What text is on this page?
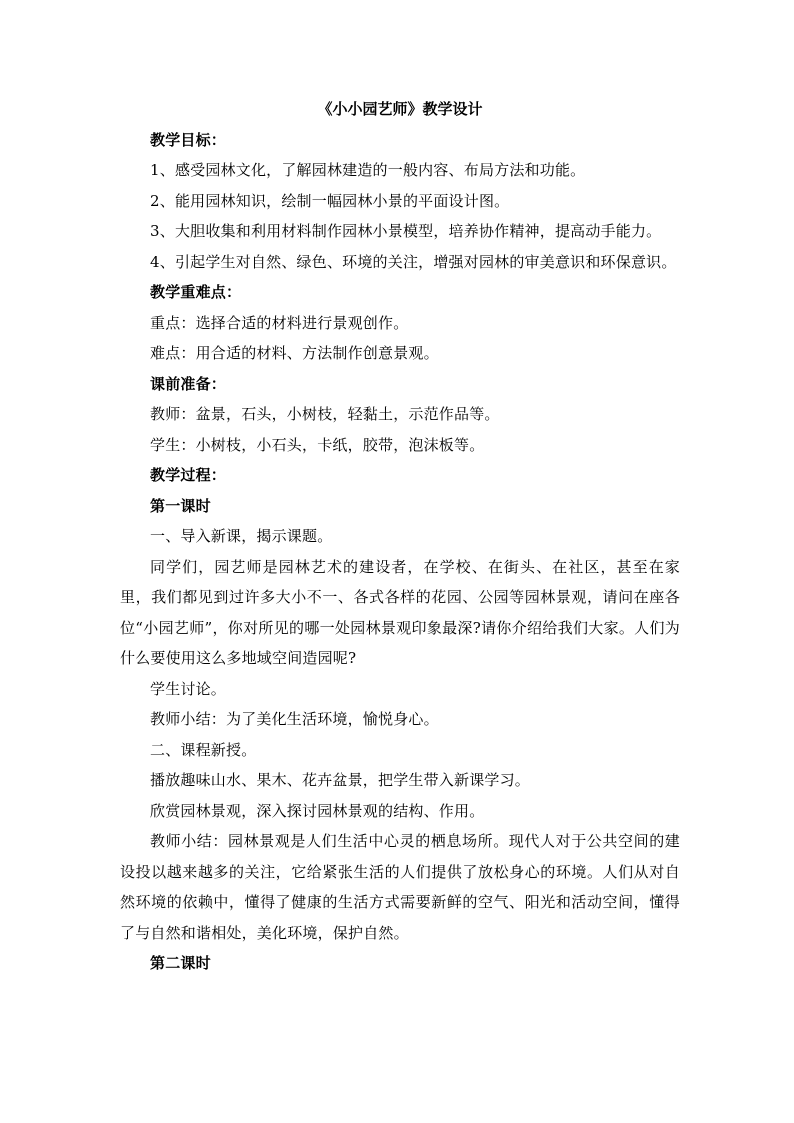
《小小园艺师》教学设计

教学目标：

1、感受园林文化，了解园林建造的一般内容、布局方法和功能。

2、能用园林知识，绘制一幅园林小景的平面设计图。

3、大胆收集和利用材料制作园林小景模型，培养协作精神，提高动手能力。

4、引起学生对自然、绿色、环境的关注，增强对园林的审美意识和环保意识。

教学重难点：

重点：选择合适的材料进行景观创作。

难点：用合适的材料、方法制作创意景观。

课前准备：

教师：盆景，石头，小树枝，轻黏土，示范作品等。

学生：小树枝，小石头，卡纸，胶带，泡沫板等。

教学过程：

第一课时

一、导入新课，揭示课题。

同学们，园艺师是园林艺术的建设者，在学校、在街头、在社区，甚至在家里，我们都见到过许多大小不一、各式各样的花园、公园等园林景观，请问在座各位“小园艺师”，你对所见的哪一处园林景观印象最深?请你介绍给我们大家。人们为什么要使用这么多地域空间造园呢?

学生讨论。

教师小结：为了美化生活环境，愉悦身心。

二、课程新授。

播放趣味山水、果木、花卉盆景，把学生带入新课学习。

欣赏园林景观，深入探讨园林景观的结构、作用。

教师小结：园林景观是人们生活中心灵的栖息场所。现代人对于公共空间的建设投以越来越多的关注，它给紧张生活的人们提供了放松身心的环境。人们从对自然环境的依赖中，懂得了健康的生活方式需要新鲜的空气、阳光和活动空间，懂得了与自然和谐相处，美化环境，保护自然。

第二课时
